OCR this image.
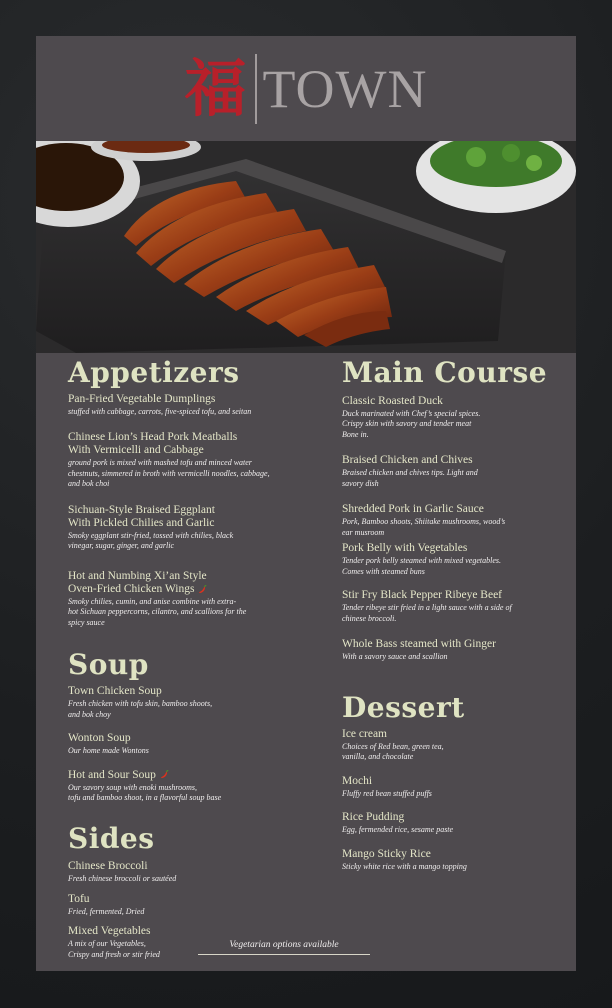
福 TOWN
Appetizers
Pan-Fried Vegetable Dumplings
stuffed with cabbage, carrots, five-spiced tofu, and seitan
Chinese Lion’s Head Pork Meatballs
With Vermicelli and Cabbage
ground pork is mixed with mashed tofu and minced water
chestnuts, simmered in broth with vermicelli noodles, cabbage,
and bok choi
Sichuan-Style Braised Eggplant
With Pickled Chilies and Garlic
Smoky eggplant stir-fried, tossed with chilies, black
vinegar, sugar, ginger, and garlic
Hot and Numbing Xi’an Style
Oven-Fried Chicken Wings
Smoky chilies, cumin, and anise combine with extra-
hot Sichuan peppercorns, cilantro, and scallions for the
spicy sauce
Soup
Town Chicken Soup
Fresh chicken with tofu skin, bamboo shoots,
and bok choy
Wonton Soup
Our home made Wontons
Hot and Sour Soup
Our savory soup with enoki mushrooms,
tofu and bamboo shoot, in a flavorful soup base
Sides
Chinese Broccoli
Fresh chinese broccoli or sautéed
Tofu
Fried, fermented, Dried
Mixed Vegetables
A mix of our Vegetables,
Crispy and fresh or stir fried
Main Course
Classic Roasted Duck
Duck marinated with Chef’s special spices.
Crispy skin with savory and tender meat
Bone in.
Braised Chicken and Chives
Braised chicken and chives tips. Light and
savory dish
Shredded Pork in Garlic Sauce
Pork, Bamboo shoots, Shiitake mushrooms, wood’s
ear musroom
Pork Belly with Vegetables
Tender pork belly steamed with mixed vegetables.
Comes with steamed buns
Stir Fry Black Pepper Ribeye Beef
Tender ribeye stir fried in a light sauce with a side of
chinese broccoli.
Whole Bass steamed with Ginger
With a savory sauce and scallion
Dessert
Ice cream
Choices of Red bean, green tea,
vanilla, and chocolate
Mochi
Fluffy red bean stuffed puffs
Rice Pudding
Egg, fermended rice, sesame paste
Mango Sticky Rice
Sticky white rice with a mango topping
Vegetarian options available
